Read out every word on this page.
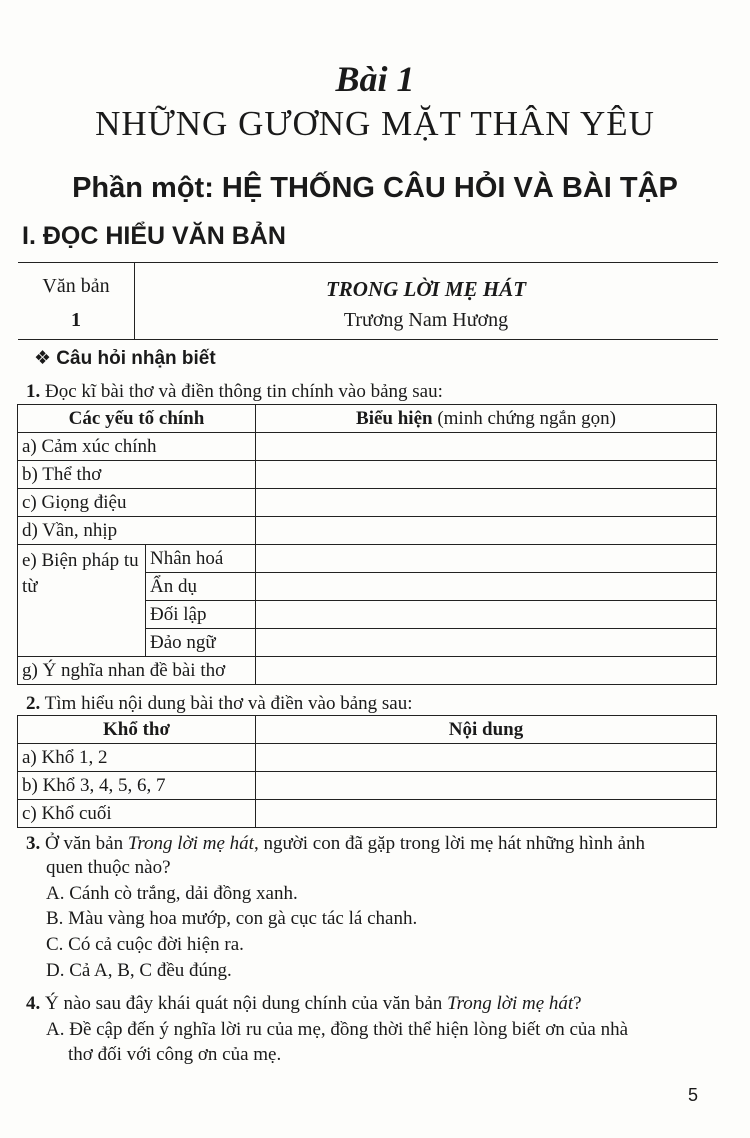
Bài 1
NHỮNG GƯƠNG MẶT THÂN YÊU
Phần một: HỆ THỐNG CÂU HỎI VÀ BÀI TẬP
I. ĐỌC HIỂU VĂN BẢN
Văn bản
1
TRONG LỜI MẸ HÁT
Trương Nam Hương
❖ Câu hỏi nhận biết
1. Đọc kĩ bài thơ và điền thông tin chính vào bảng sau:
Các yếu tố chính		Biểu hiện (minh chứng ngắn gọn)
a) Cảm xúc chính		
b) Thể thơ		
c) Giọng điệu		
d) Vần, nhịp		
e) Biện pháp tu từ	Nhân hoá	
	Ẩn dụ	
	Đối lập	
	Đảo ngữ	
g) Ý nghĩa nhan đề bài thơ		
2. Tìm hiểu nội dung bài thơ và điền vào bảng sau:
Khổ thơ	Nội dung
a) Khổ 1, 2	
b) Khổ 3, 4, 5, 6, 7	
c) Khổ cuối	
3. Ở văn bản Trong lời mẹ hát, người con đã gặp trong lời mẹ hát những hình ảnh
quen thuộc nào?
A. Cánh cò trắng, dải đồng xanh.
B. Màu vàng hoa mướp, con gà cục tác lá chanh.
C. Có cả cuộc đời hiện ra.
D. Cả A, B, C đều đúng.
4. Ý nào sau đây khái quát nội dung chính của văn bản Trong lời mẹ hát?
A. Đề cập đến ý nghĩa lời ru của mẹ, đồng thời thể hiện lòng biết ơn của nhà
thơ đối với công ơn của mẹ.
5
